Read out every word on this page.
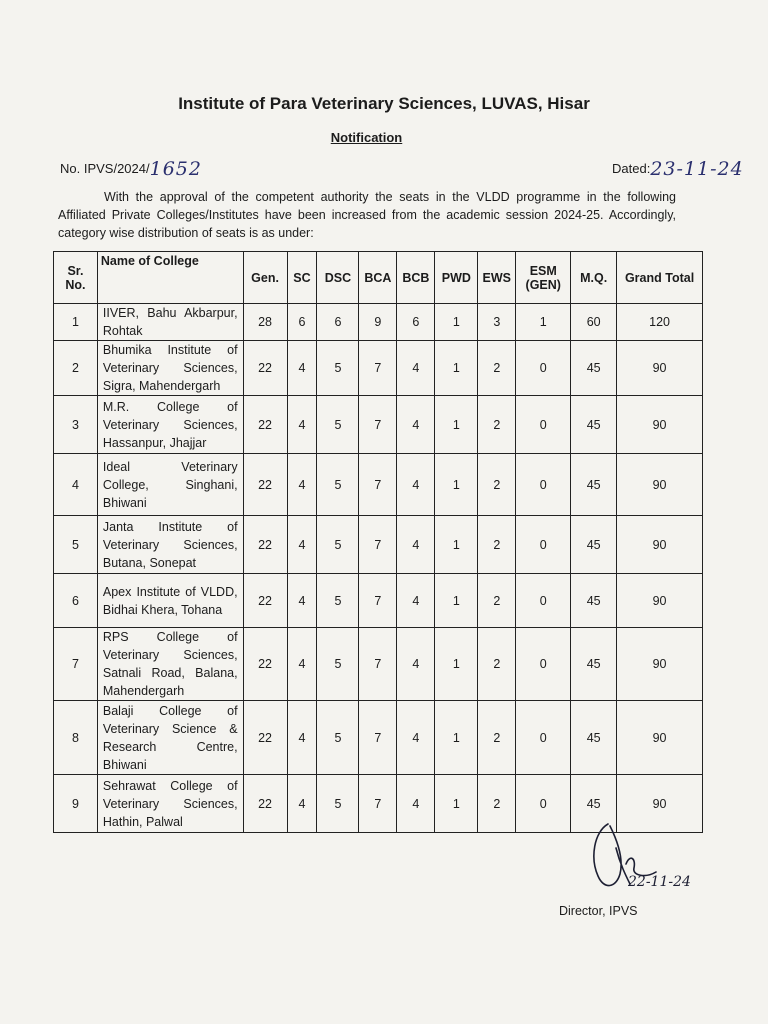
Institute of Para Veterinary Sciences, LUVAS, Hisar
Notification
No. IPVS/2024/1652	Dated:23-11-24
With the approval of the competent authority the seats in the VLDD programme in the following Affiliated Private Colleges/Institutes have been increased from the academic session 2024-25. Accordingly, category wise distribution of seats is as under:
Sr. No.	Name of College	Gen.	SC	DSC	BCA	BCB	PWD	EWS	ESM (GEN)	M.Q.	Grand Total
1	IIVER, Bahu Akbarpur, Rohtak	28	6	6	9	6	1	3	1	60	120
2	Bhumika Institute of Veterinary Sciences, Sigra, Mahendergarh	22	4	5	7	4	1	2	0	45	90
3	M.R. College of Veterinary Sciences, Hassanpur, Jhajjar	22	4	5	7	4	1	2	0	45	90
4	Ideal Veterinary College, Singhani, Bhiwani	22	4	5	7	4	1	2	0	45	90
5	Janta Institute of Veterinary Sciences, Butana, Sonepat	22	4	5	7	4	1	2	0	45	90
6	Apex Institute of VLDD, Bidhai Khera, Tohana	22	4	5	7	4	1	2	0	45	90
7	RPS College of Veterinary Sciences, Satnali Road, Balana, Mahendergarh	22	4	5	7	4	1	2	0	45	90
8	Balaji College of Veterinary Science & Research Centre, Bhiwani	22	4	5	7	4	1	2	0	45	90
9	Sehrawat College of Veterinary Sciences, Hathin, Palwal	22	4	5	7	4	1	2	0	45	90
22-11-24
Director, IPVS
